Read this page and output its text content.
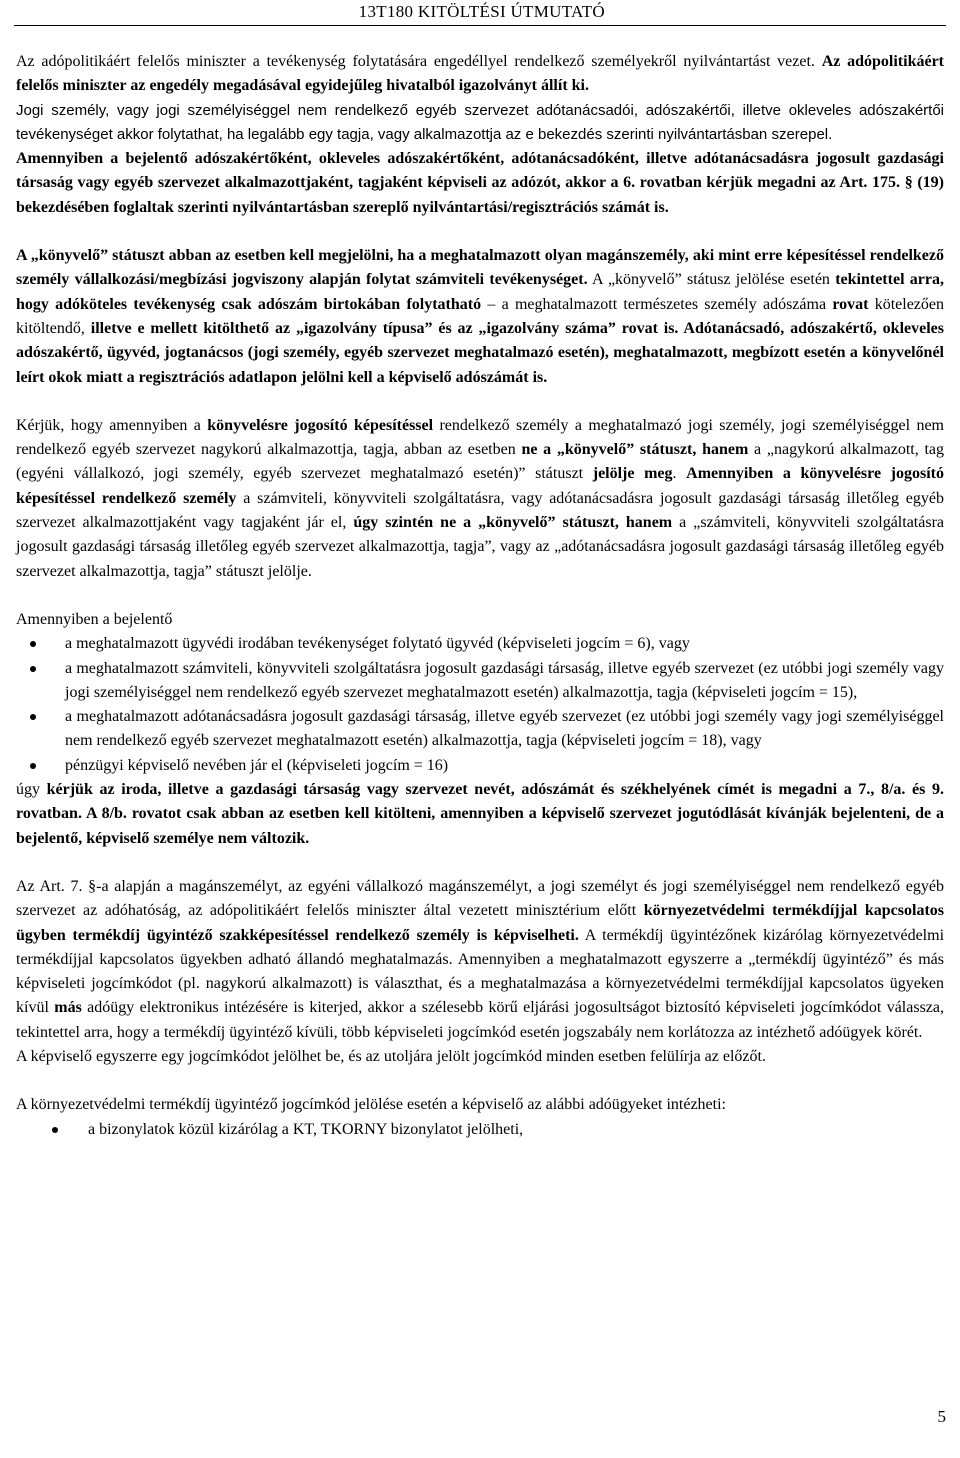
13T180 KITÖLTÉSI ÚTMUTATÓ

Az adópolitikáért felelős miniszter a tevékenység folytatására engedéllyel rendelkező személyekről nyilvántartást vezet. Az adópolitikáért felelős miniszter az engedély megadásával egyidejűleg hivatalból igazolványt állít ki.

Jogi személy, vagy jogi személyiséggel nem rendelkező egyéb szervezet adótanácsadói, adószakértői, illetve okleveles adószakértői tevékenységet akkor folytathat, ha legalább egy tagja, vagy alkalmazottja az e bekezdés szerinti nyilvántartásban szerepel.

Amennyiben a bejelentő adószakértőként, okleveles adószakértőként, adótanácsadóként, illetve adótanácsadásra jogosult gazdasági társaság vagy egyéb szervezet alkalmazottjaként, tagjaként képviseli az adózót, akkor a 6. rovatban kérjük megadni az Art. 175. § (19) bekezdésében foglaltak szerinti nyilvántartásban szereplő nyilvántartási/regisztrációs számát is.

A „könyvelő” státuszt abban az esetben kell megjelölni, ha a meghatalmazott olyan magánszemély, aki mint erre képesítéssel rendelkező személy vállalkozási/megbízási jogviszony alapján folytat számviteli tevékenységet. A „könyvelő” státusz jelölése esetén tekintettel arra, hogy adóköteles tevékenység csak adószám birtokában folytatható – a meghatalmazott természetes személy adószáma rovat kötelezően kitöltendő, illetve e mellett kitölthető az „igazolvány típusa” és az „igazolvány száma” rovat is. Adótanácsadó, adószakértő, okleveles adószakértő, ügyvéd, jogtanácsos (jogi személy, egyéb szervezet meghatalmazó esetén), meghatalmazott, megbízott esetén a könyvelőnél leírt okok miatt a regisztrációs adatlapon jelölni kell a képviselő adószámát is.

Kérjük, hogy amennyiben a könyvelésre jogosító képesítéssel rendelkező személy a meghatalmazó jogi személy, jogi személyiséggel nem rendelkező egyéb szervezet nagykorú alkalmazottja, tagja, abban az esetben ne a „könyvelő” státuszt, hanem a „nagykorú alkalmazott, tag (egyéni vállalkozó, jogi személy, egyéb szervezet meghatalmazó esetén)” státuszt jelölje meg. Amennyiben a könyvelésre jogosító képesítéssel rendelkező személy a számviteli, könyvviteli szolgáltatásra, vagy adótanácsadásra jogosult gazdasági társaság illetőleg egyéb szervezet alkalmazottjaként vagy tagjaként jár el, úgy szintén ne a „könyvelő” státuszt, hanem a „számviteli, könyvviteli szolgáltatásra jogosult gazdasági társaság illetőleg egyéb szervezet alkalmazottja, tagja”, vagy az „adótanácsadásra jogosult gazdasági társaság illetőleg egyéb szervezet alkalmazottja, tagja” státuszt jelölje.

Amennyiben a bejelentő

a meghatalmazott ügyvédi irodában tevékenységet folytató ügyvéd (képviseleti jogcím = 6), vagy
a meghatalmazott számviteli, könyvviteli szolgáltatásra jogosult gazdasági társaság, illetve egyéb szervezet (ez utóbbi jogi személy vagy jogi személyiséggel nem rendelkező egyéb szervezet meghatalmazott esetén) alkalmazottja, tagja (képviseleti jogcím = 15),
a meghatalmazott adótanácsadásra jogosult gazdasági társaság, illetve egyéb szervezet (ez utóbbi jogi személy vagy jogi személyiséggel nem rendelkező egyéb szervezet meghatalmazott esetén) alkalmazottja, tagja (képviseleti jogcím = 18), vagy
pénzügyi képviselő nevében jár el (képviseleti jogcím = 16)

úgy kérjük az iroda, illetve a gazdasági társaság vagy szervezet nevét, adószámát és székhelyének címét is megadni a 7., 8/a. és 9. rovatban. A 8/b. rovatot csak abban az esetben kell kitölteni, amennyiben a képviselő szervezet jogutódlását kívánják bejelenteni, de a bejelentő, képviselő személye nem változik.

Az Art. 7. §-a alapján a magánszemélyt, az egyéni vállalkozó magánszemélyt, a jogi személyt és jogi személyiséggel nem rendelkező egyéb szervezet az adóhatóság, az adópolitikáért felelős miniszter által vezetett minisztérium előtt környezetvédelmi termékdíjjal kapcsolatos ügyben termékdíj ügyintéző szakképesítéssel rendelkező személy is képviselheti. A termékdíj ügyintézőnek kizárólag környezetvédelmi termékdíjjal kapcsolatos ügyekben adható állandó meghatalmazás. Amennyiben a meghatalmazott egyszerre a „termékdíj ügyintéző” és más képviseleti jogcímkódot (pl. nagykorú alkalmazott) is választhat, és a meghatalmazása a környezetvédelmi termékdíjjal kapcsolatos ügyeken kívül más adóügy elektronikus intézésére is kiterjed, akkor a szélesebb körű eljárási jogosultságot biztosító képviseleti jogcímkódot válassza, tekintettel arra, hogy a termékdíj ügyintéző kívüli, több képviseleti jogcímkód esetén jogszabály nem korlátozza az intézhető adóügyek körét.

A képviselő egyszerre egy jogcímkódot jelölhet be, és az utoljára jelölt jogcímkód minden esetben felülírja az előzőt.

A környezetvédelmi termékdíj ügyintéző jogcímkód jelölése esetén a képviselő az alábbi adóügyeket intézheti:

a bizonylatok közül kizárólag a KT, TKORNY bizonylatot jelölheti,
5
